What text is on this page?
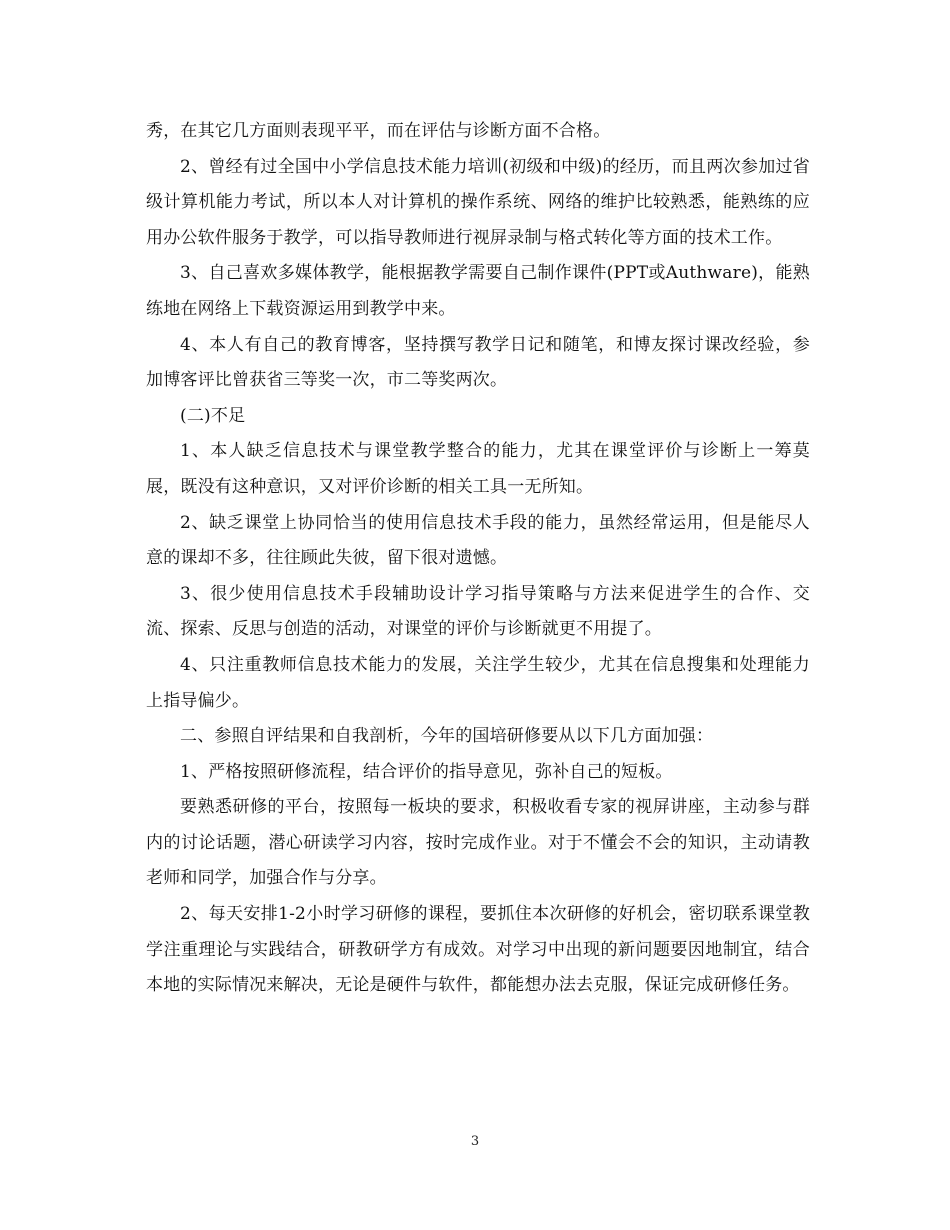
秀，在其它几方面则表现平平，而在评估与诊断方面不合格。

2、曾经有过全国中小学信息技术能力培训(初级和中级)的经历，而且两次参加过省级计算机能力考试，所以本人对计算机的操作系统、网络的维护比较熟悉，能熟练的应用办公软件服务于教学，可以指导教师进行视屏录制与格式转化等方面的技术工作。

3、自己喜欢多媒体教学，能根据教学需要自己制作课件(PPT或Authware)，能熟练地在网络上下载资源运用到教学中来。

4、本人有自己的教育博客，坚持撰写教学日记和随笔，和博友探讨课改经验，参加博客评比曾获省三等奖一次，市二等奖两次。

(二)不足

1、本人缺乏信息技术与课堂教学整合的能力，尤其在课堂评价与诊断上一筹莫展，既没有这种意识，又对评价诊断的相关工具一无所知。

2、缺乏课堂上协同恰当的使用信息技术手段的能力，虽然经常运用，但是能尽人意的课却不多，往往顾此失彼，留下很对遗憾。

3、很少使用信息技术手段辅助设计学习指导策略与方法来促进学生的合作、交流、探索、反思与创造的活动，对课堂的评价与诊断就更不用提了。

4、只注重教师信息技术能力的发展，关注学生较少，尤其在信息搜集和处理能力上指导偏少。

二、参照自评结果和自我剖析，今年的国培研修要从以下几方面加强：

1、严格按照研修流程，结合评价的指导意见，弥补自己的短板。

要熟悉研修的平台，按照每一板块的要求，积极收看专家的视屏讲座，主动参与群内的讨论话题，潜心研读学习内容，按时完成作业。对于不懂会不会的知识，主动请教老师和同学，加强合作与分享。

2、每天安排1-2小时学习研修的课程，要抓住本次研修的好机会，密切联系课堂教学注重理论与实践结合，研教研学方有成效。对学习中出现的新问题要因地制宜，结合本地的实际情况来解决，无论是硬件与软件，都能想办法去克服，保证完成研修任务。

3
